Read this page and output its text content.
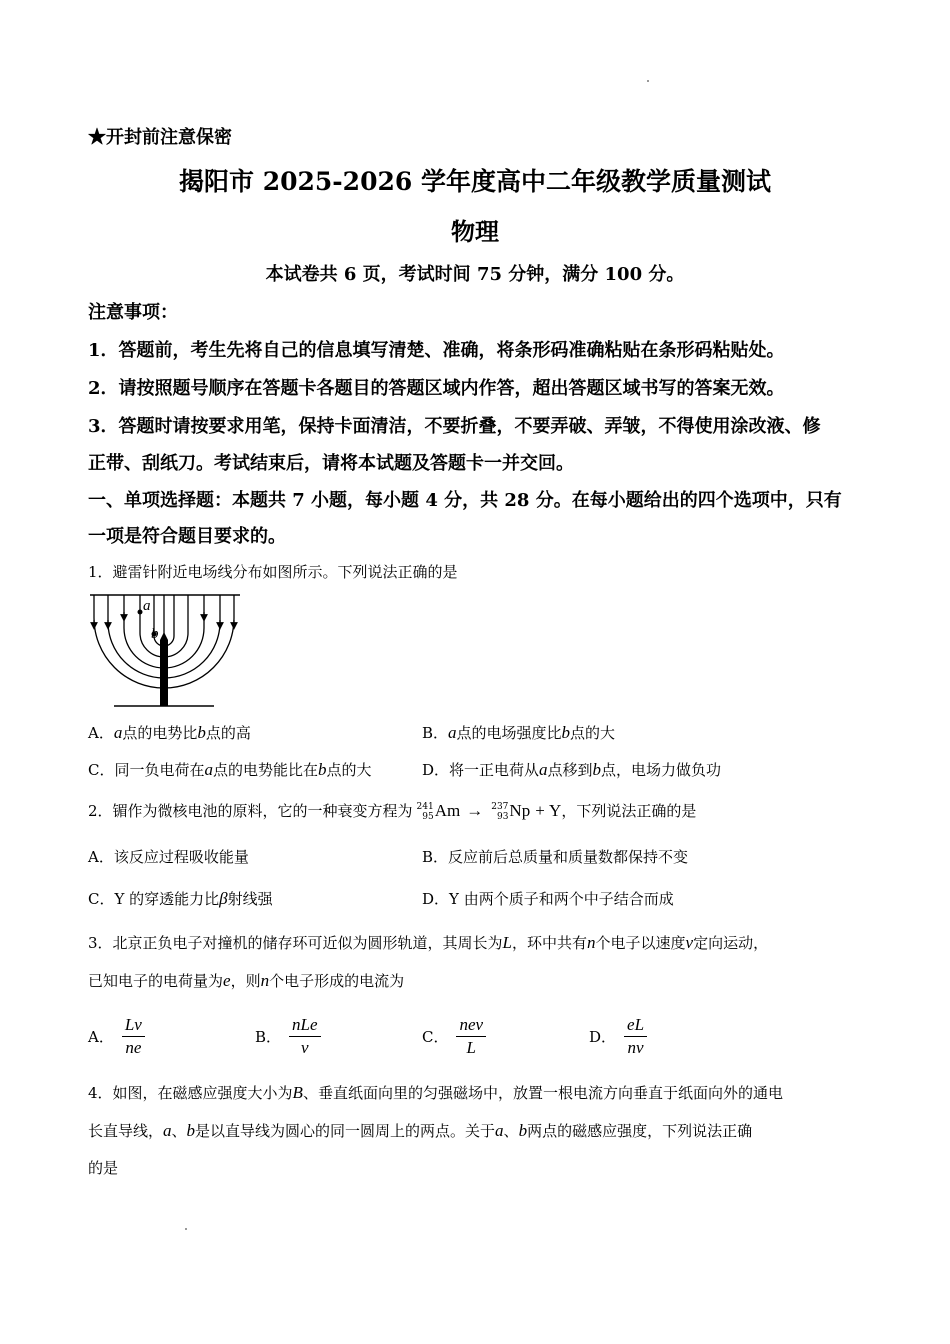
★开封前注意保密
揭阳市 2025-2026 学年度高中二年级教学质量测试
物理
本试卷共 6 页，考试时间 75 分钟，满分 100 分。
注意事项：
1．答题前，考生先将自己的信息填写清楚、准确，将条形码准确粘贴在条形码粘贴处。
2．请按照题号顺序在答题卡各题目的答题区域内作答，超出答题区域书写的答案无效。
3．答题时请按要求用笔，保持卡面清洁，不要折叠，不要弄破、弄皱，不得使用涂改液、修
正带、刮纸刀。考试结束后，请将本试题及答题卡一并交回。
一、单项选择题：本题共 7 小题，每小题 4 分，共 28 分。在每小题给出的四个选项中，只有
一项是符合题目要求的。
1．避雷针附近电场线分布如图所示。下列说法正确的是
a
b
A．a点的电势比b点的高	B．a点的电场强度比b点的大
C．同一负电荷在a点的电势能比在b点的大	D．将一正电荷从a点移到b点，电场力做负功
2．镅作为微核电池的原料，它的一种衰变方程为 241
95Am → 237
93Np + Y，下列说法正确的是
A．该反应过程吸收能量	B．反应前后总质量和质量数都保持不变
C．Y 的穿透能力比β射线强	D．Y 由两个质子和两个中子结合而成
3．北京正负电子对撞机的储存环可近似为圆形轨道，其周长为L，环中共有n个电子以速度v定向运动，
已知电子的电荷量为e，则n个电子形成的电流为
A． $\frac{Lv}{ne}$	B． $\frac{\text{nLe}}{v}$	C． $\frac{\text{nev}}{L}$	D． $\frac{eL}{nv}$
4．如图，在磁感应强度大小为B、垂直纸面向里的匀强磁场中，放置一根电流方向垂直于纸面向外的通电
长直导线，a、b是以直导线为圆心的同一圆周上的两点。关于a、b两点的磁感应强度，下列说法正确
的是
